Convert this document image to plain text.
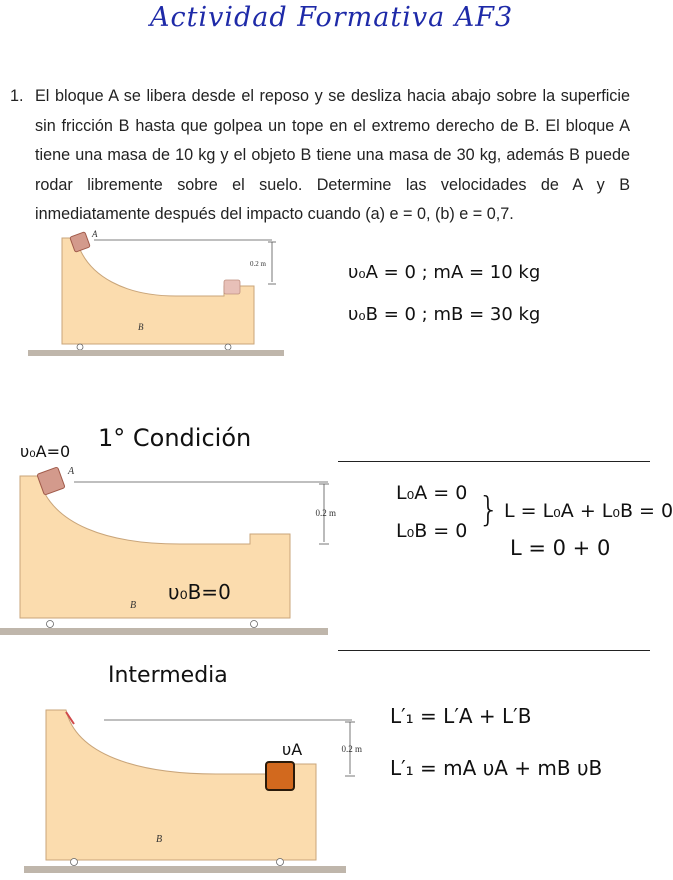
Actividad Formativa AF3
1. El bloque A se libera desde el reposo y se desliza hacia abajo sobre la superficie sin fricción B hasta que golpea un tope en el extremo derecho de B. El bloque A tiene una masa de 10 kg y el objeto B tiene una masa de 30 kg, además B puede rodar libremente sobre el suelo. Determine las velocidades de A y B inmediatamente después del impacto cuando (a) e = 0, (b) e = 0,7.
A
B
0.2 m	υ₀A = 0 ; mA = 10 kg
υ₀B = 0 ; mB = 30 kg
υ₀A=0 1° Condición
A
B
0.2 m
υ₀B=0
L₀A = 0
L₀B = 0
} L = L₀A + L₀B = 0
L = 0 + 0
Intermedia
B
0.2 m
υA
L′₁ = L′A + L′B
L′₁ = mA υA + mB υB
